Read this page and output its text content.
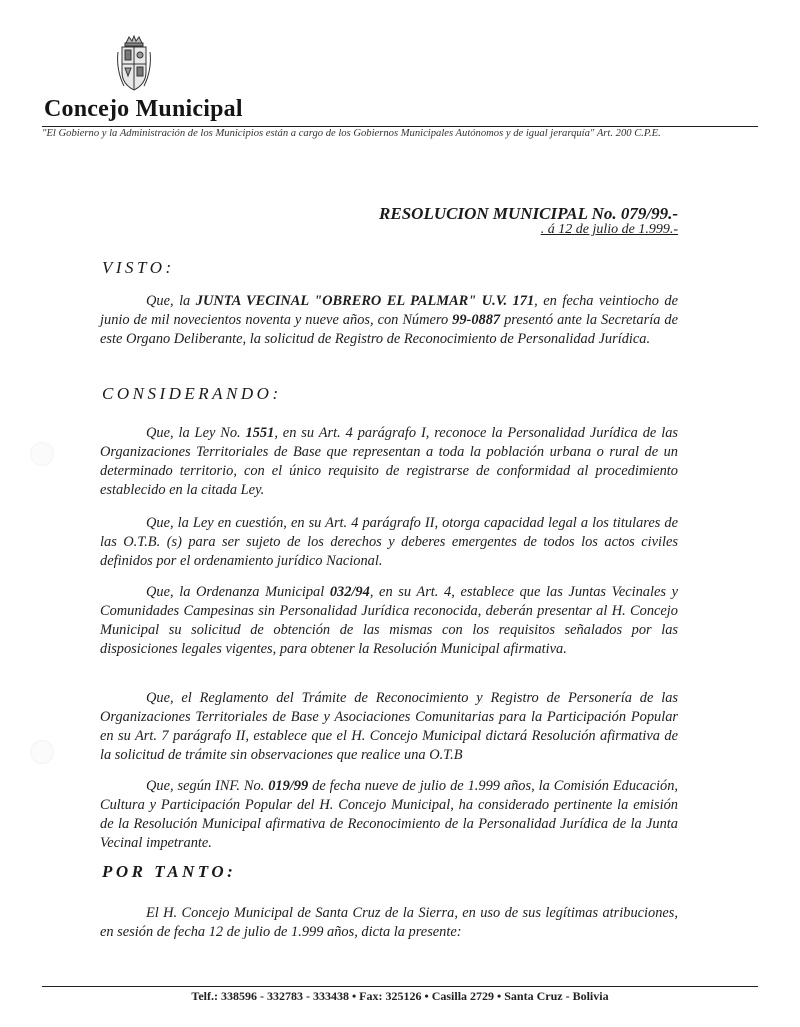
Concejo Municipal
"El Gobierno y la Administración de los Municipios están a cargo de los Gobiernos Municipales Autónomos y de igual jerarquía" Art. 200 C.P.E.
RESOLUCION MUNICIPAL No. 079/99.-
. á 12 de julio de 1.999.-
VISTO:

Que, la JUNTA VECINAL "OBRERO EL PALMAR" U.V. 171, en fecha veintiocho de junio de mil novecientos noventa y nueve años, con Número 99-0887 presentó ante la Secretaría de este Organo Deliberante, la solicitud de Registro de Reconocimiento de Personalidad Jurídica.

CONSIDERANDO:

Que, la Ley No. 1551, en su Art. 4 parágrafo I, reconoce la Personalidad Jurídica de las Organizaciones Territoriales de Base que representan a toda la población urbana o rural de un determinado territorio, con el único requisito de registrarse de conformidad al procedimiento establecido en la citada Ley.

Que, la Ley en cuestión, en su Art. 4 parágrafo II, otorga capacidad legal a los titulares de las O.T.B. (s) para ser sujeto de los derechos y deberes emergentes de todos los actos civiles definidos por el ordenamiento jurídico Nacional.

Que, la Ordenanza Municipal 032/94, en su Art. 4, establece que las Juntas Vecinales y Comunidades Campesinas sin Personalidad Jurídica reconocida, deberán presentar al H. Concejo Municipal su solicitud de obtención de las mismas con los requisitos señalados por las disposiciones legales vigentes, para obtener la Resolución Municipal afirmativa.

Que, el Reglamento del Trámite de Reconocimiento y Registro de Personería de las Organizaciones Territoriales de Base y Asociaciones Comunitarias para la Participación Popular en su Art. 7 parágrafo II, establece que el H. Concejo Municipal dictará Resolución afirmativa de la solicitud de trámite sin observaciones que realice una O.T.B

Que, según INF. No. 019/99 de fecha nueve de julio de 1.999 años, la Comisión Educación, Cultura y Participación Popular del H. Concejo Municipal, ha considerado pertinente la emisión de la Resolución Municipal afirmativa de Reconocimiento de la Personalidad Jurídica de la Junta Vecinal impetrante.

POR TANTO:

El H. Concejo Municipal de Santa Cruz de la Sierra, en uso de sus legítimas atribuciones, en sesión de fecha 12 de julio de 1.999 años, dicta la presente:

Telf.: 338596 - 332783 - 333438 • Fax: 325126 • Casilla 2729 • Santa Cruz - Bolivia
